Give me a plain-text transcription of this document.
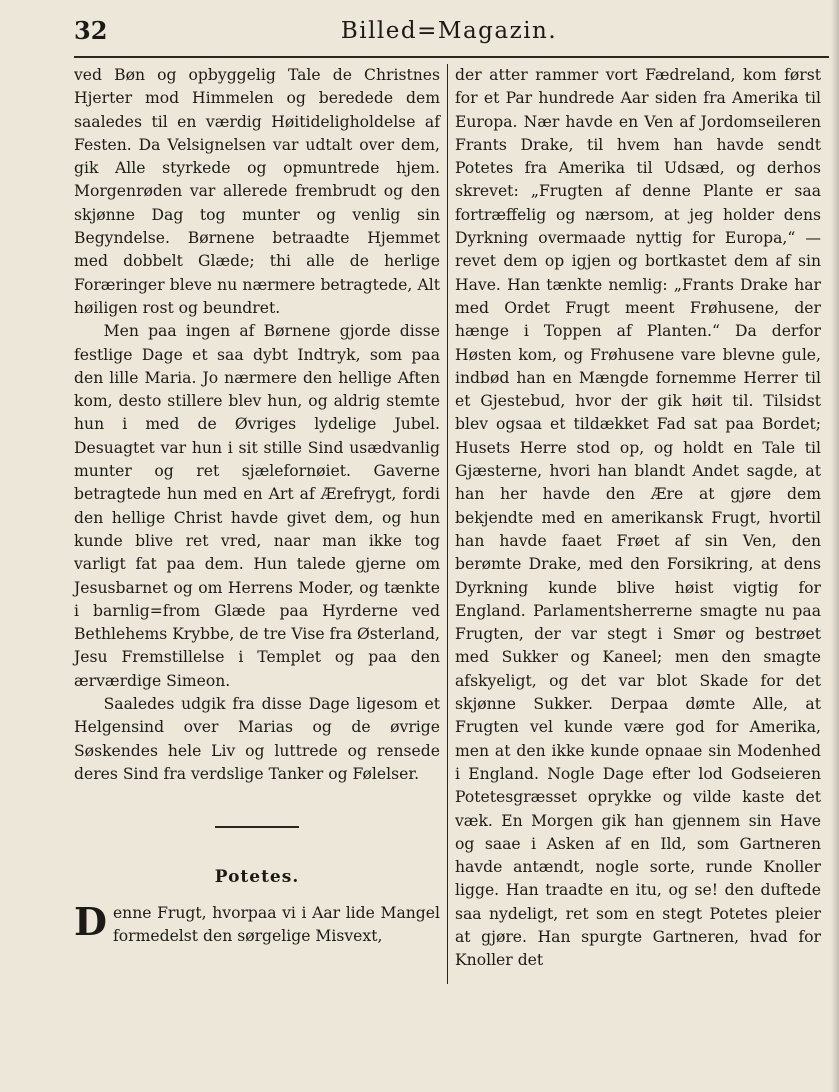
32	Billed=Magazin.

ved Bøn og opbyggelig Tale de Christnes Hjerter mod Himmelen og beredede dem saaledes til en værdig Høitideligholdelse af Festen. Da Velsignelsen var udtalt over dem, gik Alle styrkede og opmuntrede hjem. Morgenrøden var allerede frembrudt og den skjønne Dag tog munter og venlig sin Begyndelse. Børnene betraadte Hjemmet med dobbelt Glæde; thi alle de herlige Foræringer bleve nu nærmere betragtede, Alt høiligen rost og beundret.

Men paa ingen af Børnene gjorde disse festlige Dage et saa dybt Indtryk, som paa den lille Maria. Jo nærmere den hellige Aften kom, desto stillere blev hun, og aldrig stemte hun i med de Øvriges lydelige Jubel. Desuagtet var hun i sit stille Sind usædvanlig munter og ret sjælefornøiet. Gaverne betragtede hun med en Art af Ærefrygt, fordi den hellige Christ havde givet dem, og hun kunde blive ret vred, naar man ikke tog varligt fat paa dem. Hun talede gjerne om Jesusbarnet og om Herrens Moder, og tænkte i barnlig=from Glæde paa Hyrderne ved Bethlehems Krybbe, de tre Vise fra Østerland, Jesu Fremstillelse i Templet og paa den ærværdige Simeon.

Saaledes udgik fra disse Dage ligesom et Helgensind over Marias og de øvrige Søskendes hele Liv og luttrede og rensede deres Sind fra verdslige Tanker og Følelser.

Potetes.

Denne Frugt, hvorpaa vi i Aar lide Mangel formedelst den sørgelige Misvext,

der atter rammer vort Fædreland, kom først for et Par hundrede Aar siden fra Amerika til Europa. Nær havde en Ven af Jordomseileren Frants Drake, til hvem han havde sendt Potetes fra Amerika til Udsæd, og derhos skrevet: „Frugten af denne Plante er saa fortræffelig og nærsom, at jeg holder dens Dyrkning overmaade nyttig for Europa,“ — revet dem op igjen og bortkastet dem af sin Have. Han tænkte nemlig: „Frants Drake har med Ordet Frugt meent Frøhusene, der hænge i Toppen af Planten.“ Da derfor Høsten kom, og Frøhusene vare blevne gule, indbød han en Mængde fornemme Herrer til et Gjestebud, hvor der gik høit til. Tilsidst blev ogsaa et tildækket Fad sat paa Bordet; Husets Herre stod op, og holdt en Tale til Gjæsterne, hvori han blandt Andet sagde, at han her havde den Ære at gjøre dem bekjendte med en amerikansk Frugt, hvortil han havde faaet Frøet af sin Ven, den berømte Drake, med den Forsikring, at dens Dyrkning kunde blive høist vigtig for England. Parlamentsherrerne smagte nu paa Frugten, der var stegt i Smør og bestrøet med Sukker og Kaneel; men den smagte afskyeligt, og det var blot Skade for det skjønne Sukker. Derpaa dømte Alle, at Frugten vel kunde være god for Amerika, men at den ikke kunde opnaae sin Modenhed i England. Nogle Dage efter lod Godseieren Potetesgræsset oprykke og vilde kaste det væk. En Morgen gik han gjennem sin Have og saae i Asken af en Ild, som Gartneren havde antændt, nogle sorte, runde Knoller ligge. Han traadte en itu, og se! den duftede saa nydeligt, ret som en stegt Potetes pleier at gjøre. Han spurgte Gartneren, hvad for Knoller det
